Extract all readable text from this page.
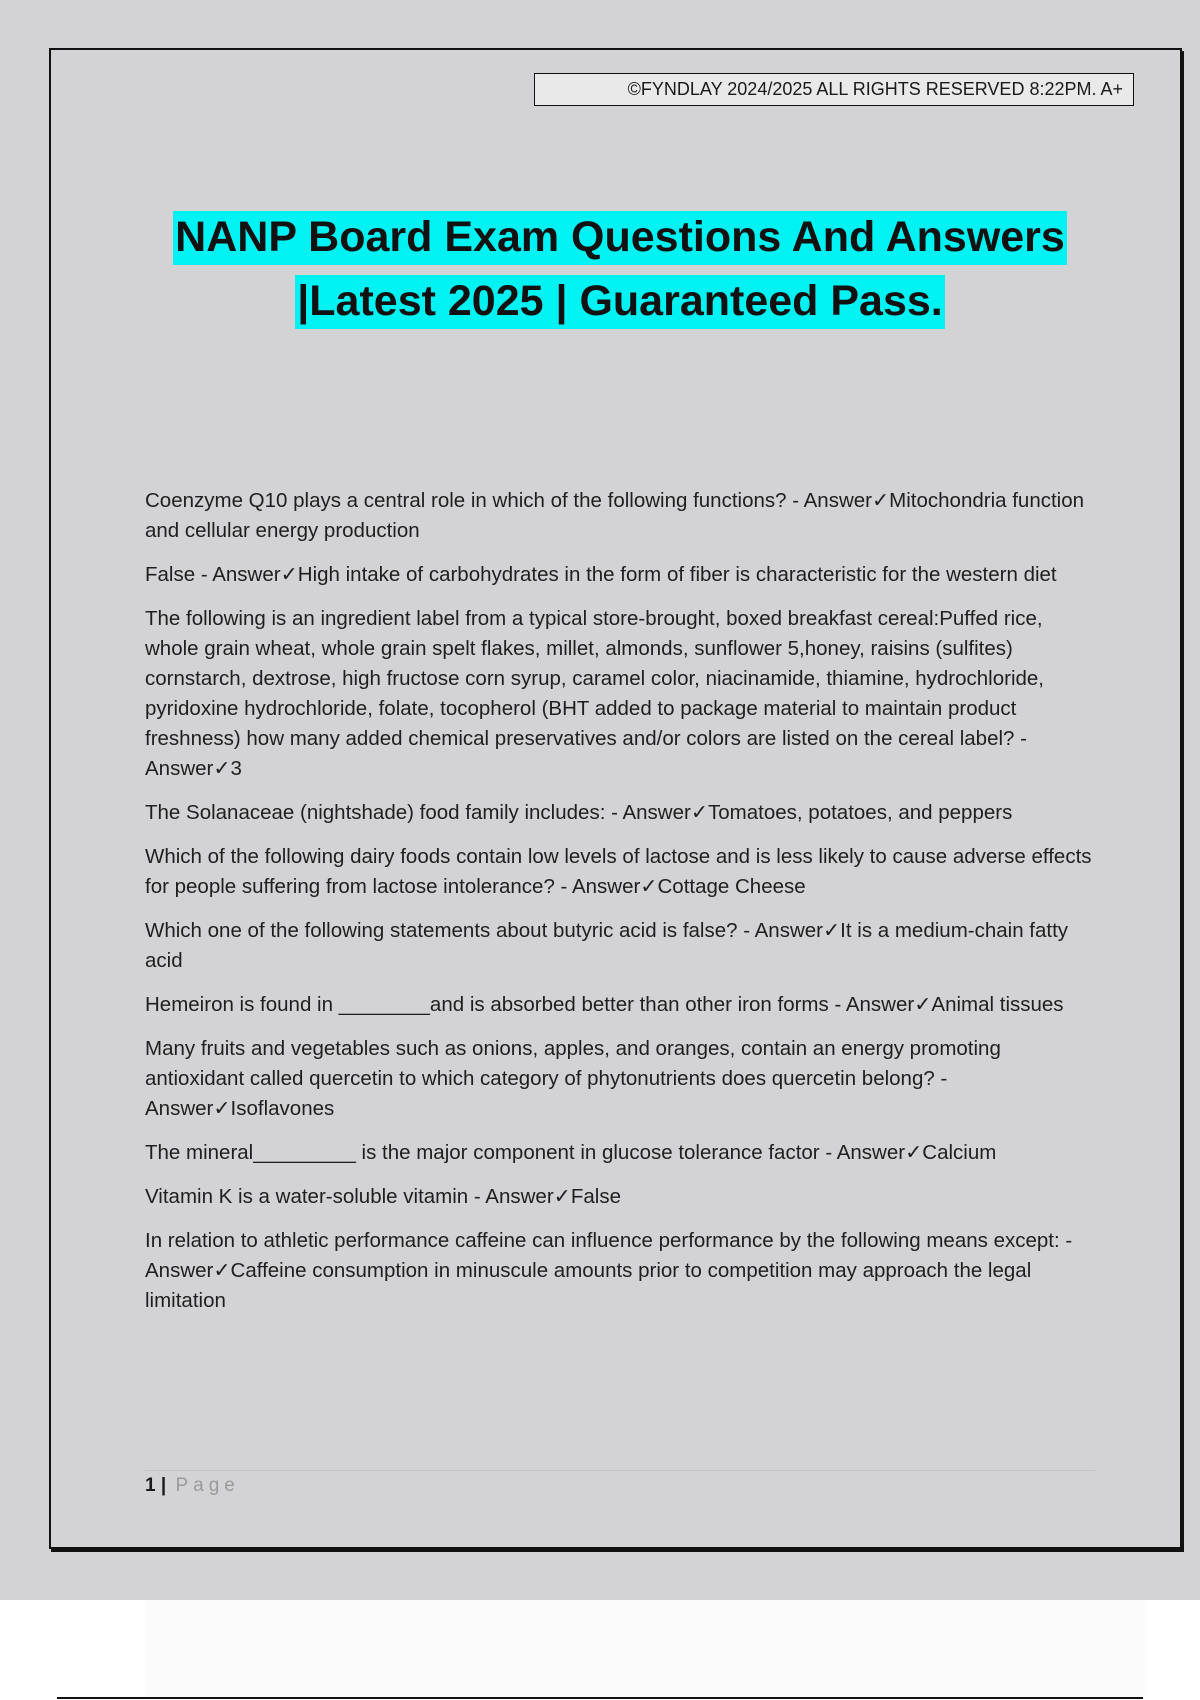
©FYNDLAY 2024/2025 ALL RIGHTS RESERVED 8:22PM. A+
NANP Board Exam Questions And Answers
|Latest 2025 | Guaranteed Pass.

Coenzyme Q10 plays a central role in which of the following functions? - Answer✓Mitochondria function and cellular energy production

False - Answer✓High intake of carbohydrates in the form of fiber is characteristic for the western diet

The following is an ingredient label from a typical store-brought, boxed breakfast cereal:Puffed rice, whole grain wheat, whole grain spelt flakes, millet, almonds, sunflower 5,honey, raisins (sulfites) cornstarch, dextrose, high fructose corn syrup, caramel color, niacinamide, thiamine, hydrochloride, pyridoxine hydrochloride, folate, tocopherol (BHT added to package material to maintain product freshness) how many added chemical preservatives and/or colors are listed on the cereal label? - Answer✓3

The Solanaceae (nightshade) food family includes: - Answer✓Tomatoes, potatoes, and peppers

Which of the following dairy foods contain low levels of lactose and is less likely to cause adverse effects for people suffering from lactose intolerance? - Answer✓Cottage Cheese

Which one of the following statements about butyric acid is false? - Answer✓It is a medium-chain fatty acid

Hemeiron is found in ________and is absorbed better than other iron forms - Answer✓Animal tissues

Many fruits and vegetables such as onions, apples, and oranges, contain an energy promoting antioxidant called quercetin to which category of phytonutrients does quercetin belong? - Answer✓Isoflavones

The mineral_________ is the major component in glucose tolerance factor - Answer✓Calcium

Vitamin K is a water-soluble vitamin - Answer✓False

In relation to athletic performance caffeine can influence performance by the following means except: - Answer✓Caffeine consumption in minuscule amounts prior to competition may approach the legal limitation

1 | Page
